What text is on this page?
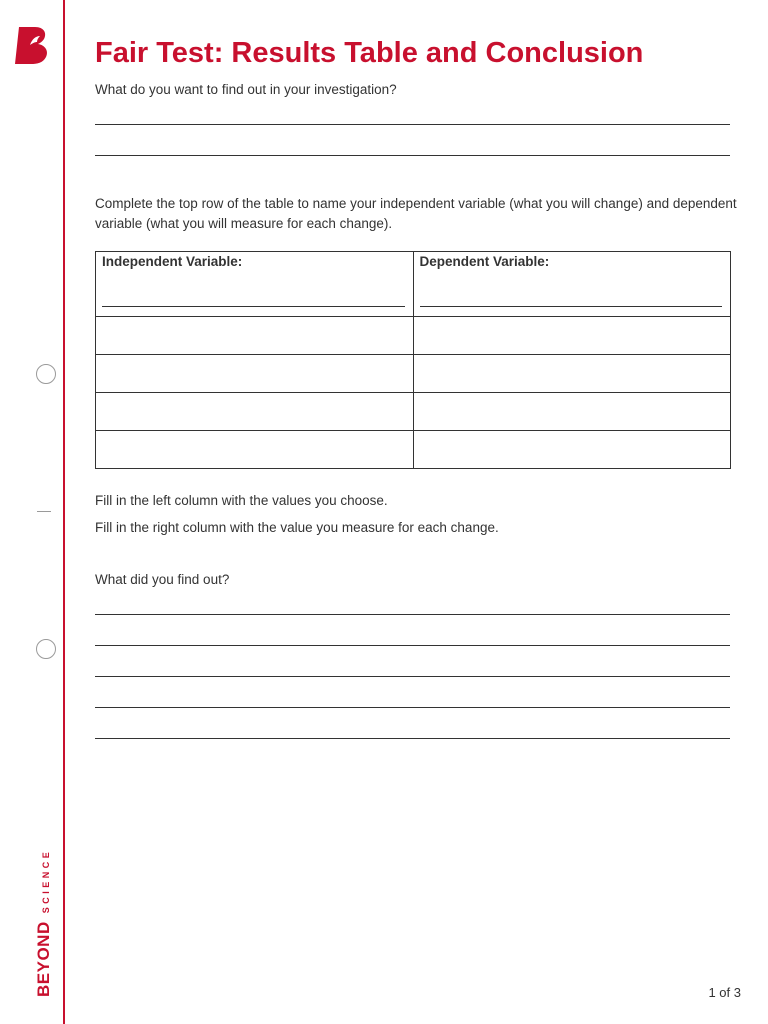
BEYOND
SCIENCE
Fair Test: Results Table and Conclusion

What do you want to find out in your investigation?

Complete the top row of the table to name your independent variable (what you will change) and dependent variable (what you will measure for each change).

Independent Variable:	Dependent Variable:

Fill in the left column with the values you choose.

Fill in the right column with the value you measure for each change.

What did you find out?

1 of 3
